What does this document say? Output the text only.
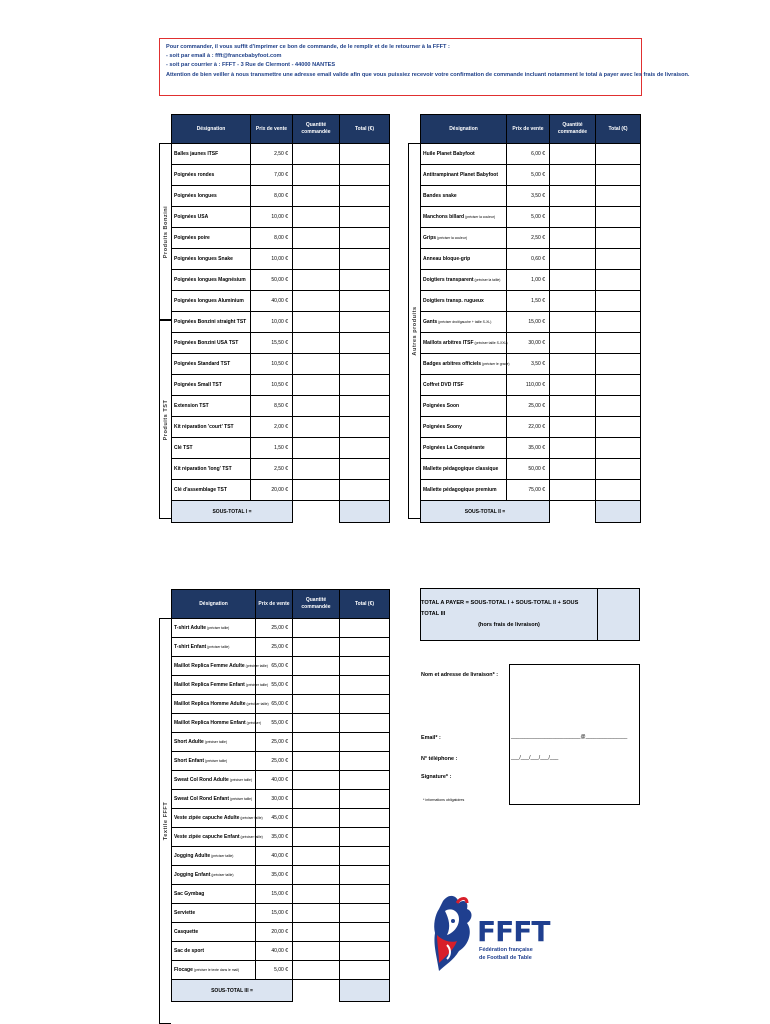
Pour commander, il vous suffit d'imprimer ce bon de commande, de le remplir et de le retourner à la FFFT :
- soit par email à : ffft@francebabyfoot.com
- soit par courrier à : FFFT - 3 Rue de Clermont - 44000 NANTES
Attention de bien veiller à nous transmettre une adresse email valide afin que vous puissiez recevoir votre confirmation de commande incluant notamment le total à payer avec les frais de livraison.
Produits Bonzini
Produits TST
Désignation	Prix de vente	Quantité commandée	Total (€)
Balles jaunes ITSF	2,50 €		
Poignées rondes	7,00 €		
Poignées longues	8,00 €		
Poignées USA	10,00 €		
Poignées poire	8,00 €		
Poignées longues Snake	10,00 €		
Poignées longues Magnésium	50,00 €		
Poignées longues Aluminium	40,00 €		
Poignées Bonzini straight TST	10,00 €		
Poignées Bonzini USA TST	15,50 €		
Poignées Standard TST	10,50 €		
Poignées Small TST	10,50 €		
Extension TST	8,50 €		
Kit réparation 'court' TST	2,00 €		
Clé TST	1,50 €		
Kit réparation 'long' TST	2,50 €		
Clé d'assemblage TST	20,00 €		
SOUS-TOTAL I =			
Autres produits
Désignation	Prix de vente	Quantité commandée	Total (€)
Huile Planet Babyfoot	6,00 €		
Antitrampinant Planet Babyfoot	5,00 €		
Bandes snake	3,50 €		
Manchons billard (préciser la couleur)	5,00 €		
Grips (préciser la couleur)	2,50 €		
Anneau bloque-grip	0,60 €		
Doigtiers transparent (préciser la taille)	1,00 €		
Doigtiers transp. rugueux	1,50 €		
Gants (préciser droit/gauche + taille S-XL)	15,00 €		
Maillots arbitres ITSF (préciser taille S-XXL)	30,00 €		
Badges arbitres officiels (préciser le grade)	3,50 €		
Coffret DVD ITSF	110,00 €		
Poignées Soon	25,00 €		
Poignées Soony	22,00 €		
Poignées La Conquérante	35,00 €		
Mallette pédagogique classique	50,00 €		
Mallette pédagogique premium	75,00 €		
SOUS-TOTAL II =			
Textile FFFT
Désignation	Prix de vente	Quantité commandée	Total (€)
T-shirt Adulte (préciser taille)	25,00 €		
T-shirt Enfant (préciser taille)	25,00 €		
Maillot Replica Femme Adulte (préciser taille)	65,00 €		
Maillot Replica Femme Enfant (préciser taille)	55,00 €		
Maillot Replica Homme Adulte (préciser taille)	65,00 €		
Maillot Replica Homme Enfant (préciser)	55,00 €		
Short Adulte (préciser taille)	25,00 €		
Short Enfant (préciser taille)	25,00 €		
Sweat Col Rond Adulte (préciser taille)	40,00 €		
Sweat Col Rond Enfant (préciser taille)	30,00 €		
Veste zipée capuche Adulte (préciser taille)	45,00 €		
Veste zipée capuche Enfant (préciser taille)	35,00 €		
Jogging Adulte (préciser taille)	40,00 €		
Jogging Enfant (préciser taille)	35,00 €		
Sac Gymbag	15,00 €		
Serviette	15,00 €		
Casquette	20,00 €		
Sac de sport	40,00 €		
Flocage (préciser le texte dans le mail)	5,00 €		
SOUS-TOTAL III =			
TOTAL A PAYER = SOUS-TOTAL I + SOUS-TOTAL II + SOUS TOTAL III
(hors frais de livraison)
Nom et adresse de livraison* :
Email* :	_________________________@_______________
N° téléphone :	___/___/___/___/___
Signature* :
* informations obligatoires
FFFT
Fédération française
de Football de Table
